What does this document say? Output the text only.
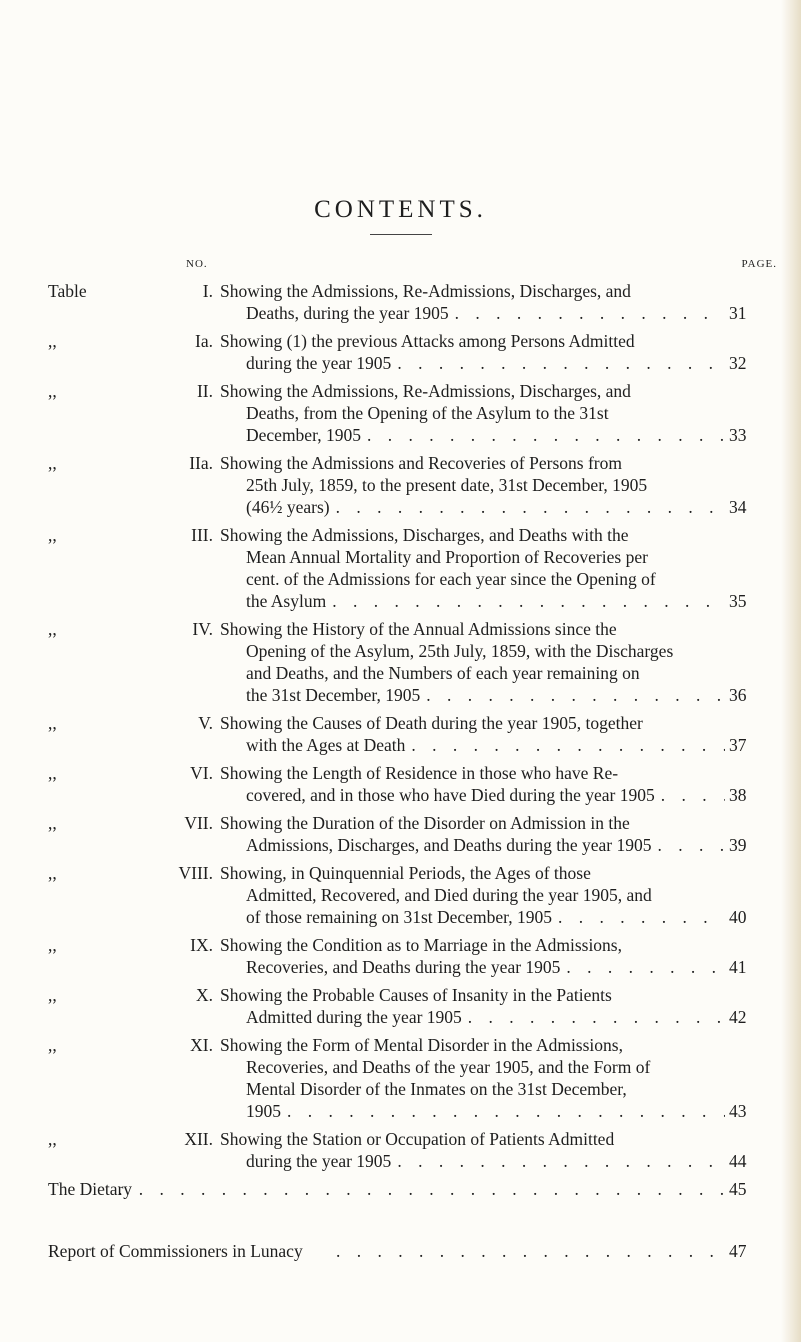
CONTENTS.
NO.	PAGE.
Table	I. Showing the Admissions, Re-Admissions, Discharges, and

Deaths, during the year 1905 . . .	31
,,	Ia. Showing (1) the previous Attacks among Persons Admitted

during the year 1905 . . .	32
,,	II. Showing the Admissions, Re-Admissions, Discharges, and

Deaths, from the Opening of the Asylum to the 31st

December, 1905 . . .	33
,,	IIa. Showing the Admissions and Recoveries of Persons from

25th July, 1859, to the present date, 31st December, 1905

(46½ years) . . .	34
,,	III. Showing the Admissions, Discharges, and Deaths with the

Mean Annual Mortality and Proportion of Recoveries per

cent. of the Admissions for each year since the Opening of

the Asylum . . .	35
,,	IV. Showing the History of the Annual Admissions since the

Opening of the Asylum, 25th July, 1859, with the Discharges

and Deaths, and the Numbers of each year remaining on

the 31st December, 1905 . . .	36
,,	V. Showing the Causes of Death during the year 1905, together

with the Ages at Death . . .	37
,,	VI. Showing the Length of Residence in those who have Re-

covered, and in those who have Died during the year 1905 . . .	38
,,	VII. Showing the Duration of the Disorder on Admission in the

Admissions, Discharges, and Deaths during the year 1905 . . .	39
,,	VIII. Showing, in Quinquennial Periods, the Ages of those

Admitted, Recovered, and Died during the year 1905, and

of those remaining on 31st December, 1905 . . .	40
,,	IX. Showing the Condition as to Marriage in the Admissions,

Recoveries, and Deaths during the year 1905 . . .	41
,,	X. Showing the Probable Causes of Insanity in the Patients

Admitted during the year 1905 . . .	42
,,	XI. Showing the Form of Mental Disorder in the Admissions,

Recoveries, and Deaths of the year 1905, and the Form of

Mental Disorder of the Inmates on the 31st December,

1905 . . .	43
,,	XII. Showing the Station or Occupation of Patients Admitted

during the year 1905 . . .	44
The Dietary . . .	45
Report of Commissioners in Lunacy . . .	47
